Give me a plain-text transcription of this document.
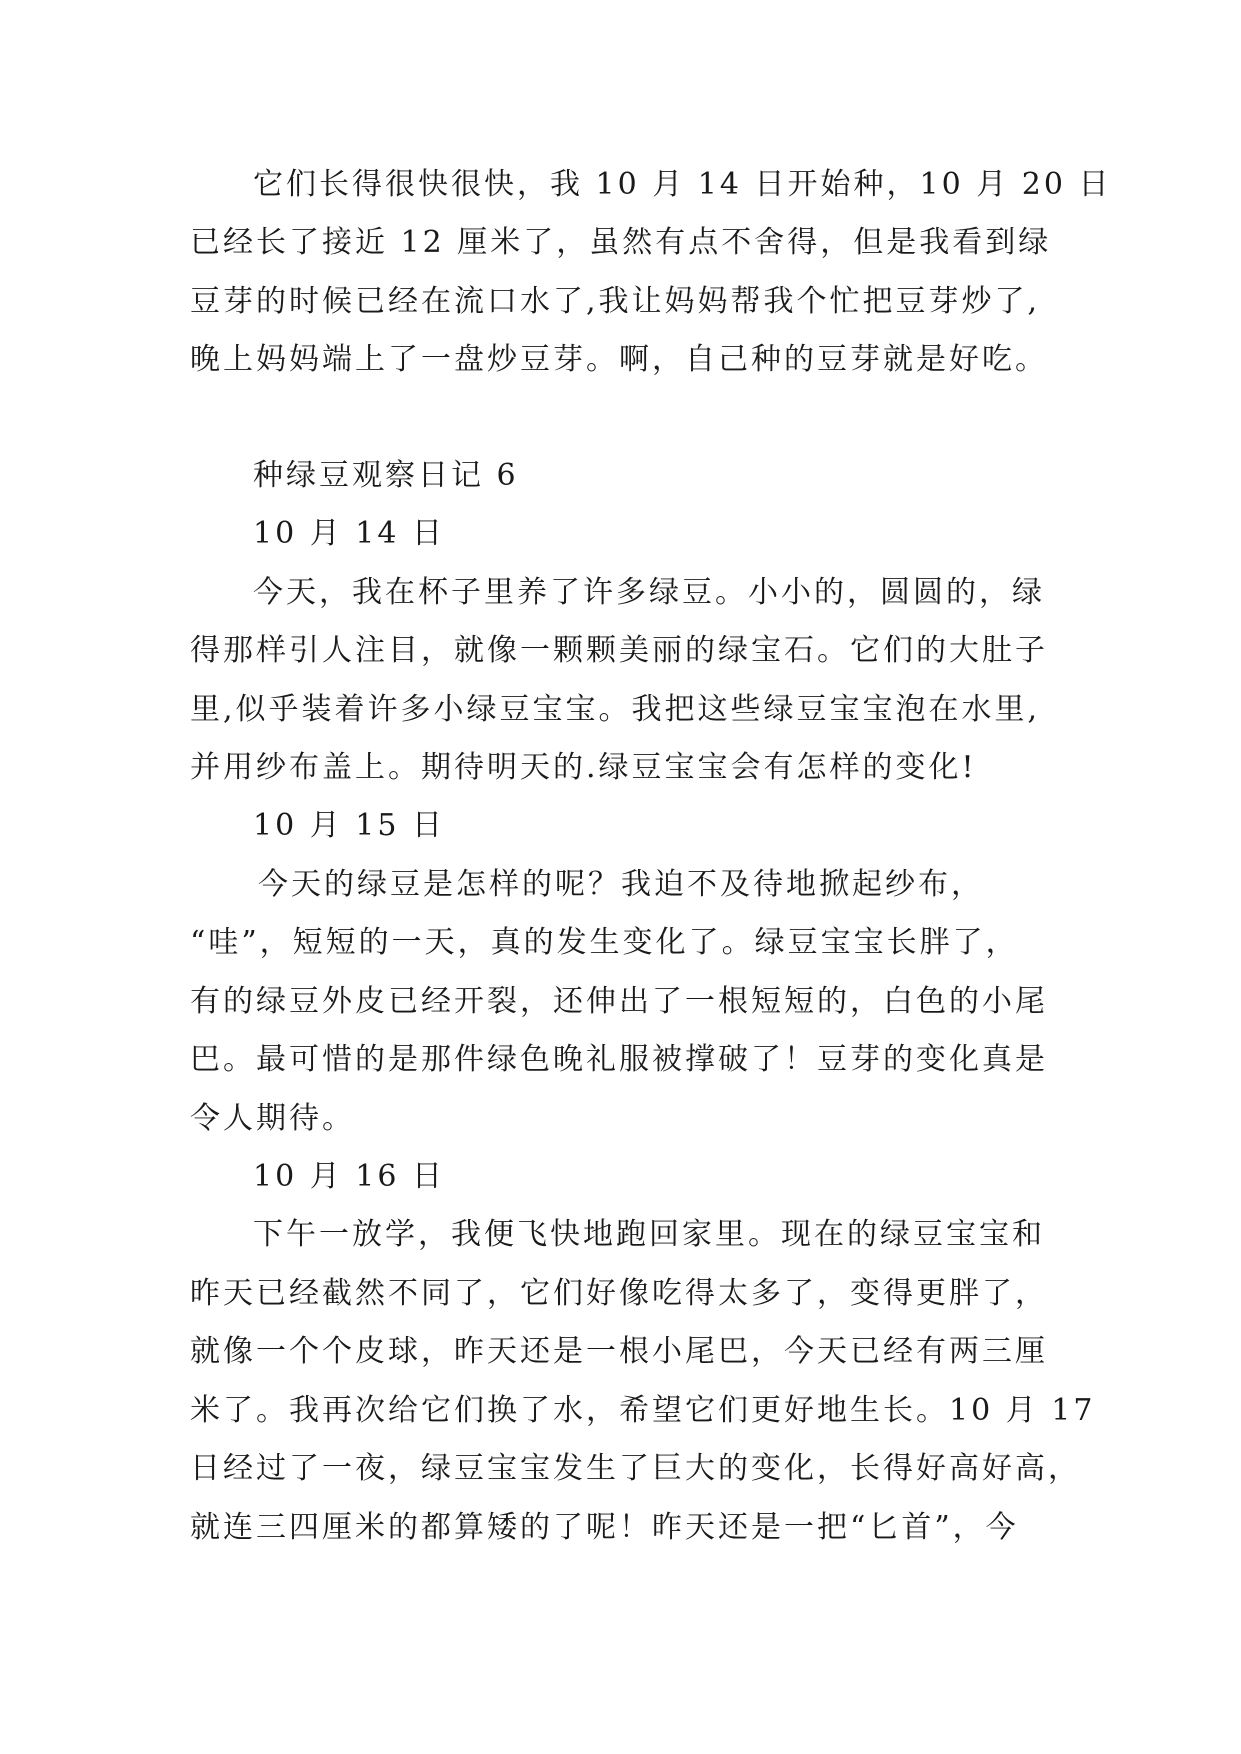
它们长得很快很快，我 10 月 14 日开始种，10 月 20 日
已经长了接近 12 厘米了，虽然有点不舍得，但是我看到绿
豆芽的时候已经在流口水了,我让妈妈帮我个忙把豆芽炒了,
晚上妈妈端上了一盘炒豆芽。啊，自己种的豆芽就是好吃。
种绿豆观察日记 6
10 月 14 日
今天，我在杯子里养了许多绿豆。小小的，圆圆的，绿
得那样引人注目，就像一颗颗美丽的绿宝石。它们的大肚子
里,似乎装着许多小绿豆宝宝。我把这些绿豆宝宝泡在水里,
并用纱布盖上。期待明天的.绿豆宝宝会有怎样的变化!
10 月 15 日
今天的绿豆是怎样的呢？我迫不及待地掀起纱布，
“哇”，短短的一天，真的发生变化了。绿豆宝宝长胖了，
有的绿豆外皮已经开裂，还伸出了一根短短的，白色的小尾
巴。最可惜的是那件绿色晚礼服被撑破了！豆芽的变化真是
令人期待。
10 月 16 日
下午一放学，我便飞快地跑回家里。现在的绿豆宝宝和
昨天已经截然不同了，它们好像吃得太多了，变得更胖了，
就像一个个皮球，昨天还是一根小尾巴，今天已经有两三厘
米了。我再次给它们换了水，希望它们更好地生长。10 月 17
日经过了一夜，绿豆宝宝发生了巨大的变化，长得好高好高，
就连三四厘米的都算矮的了呢！昨天还是一把“匕首”，今
